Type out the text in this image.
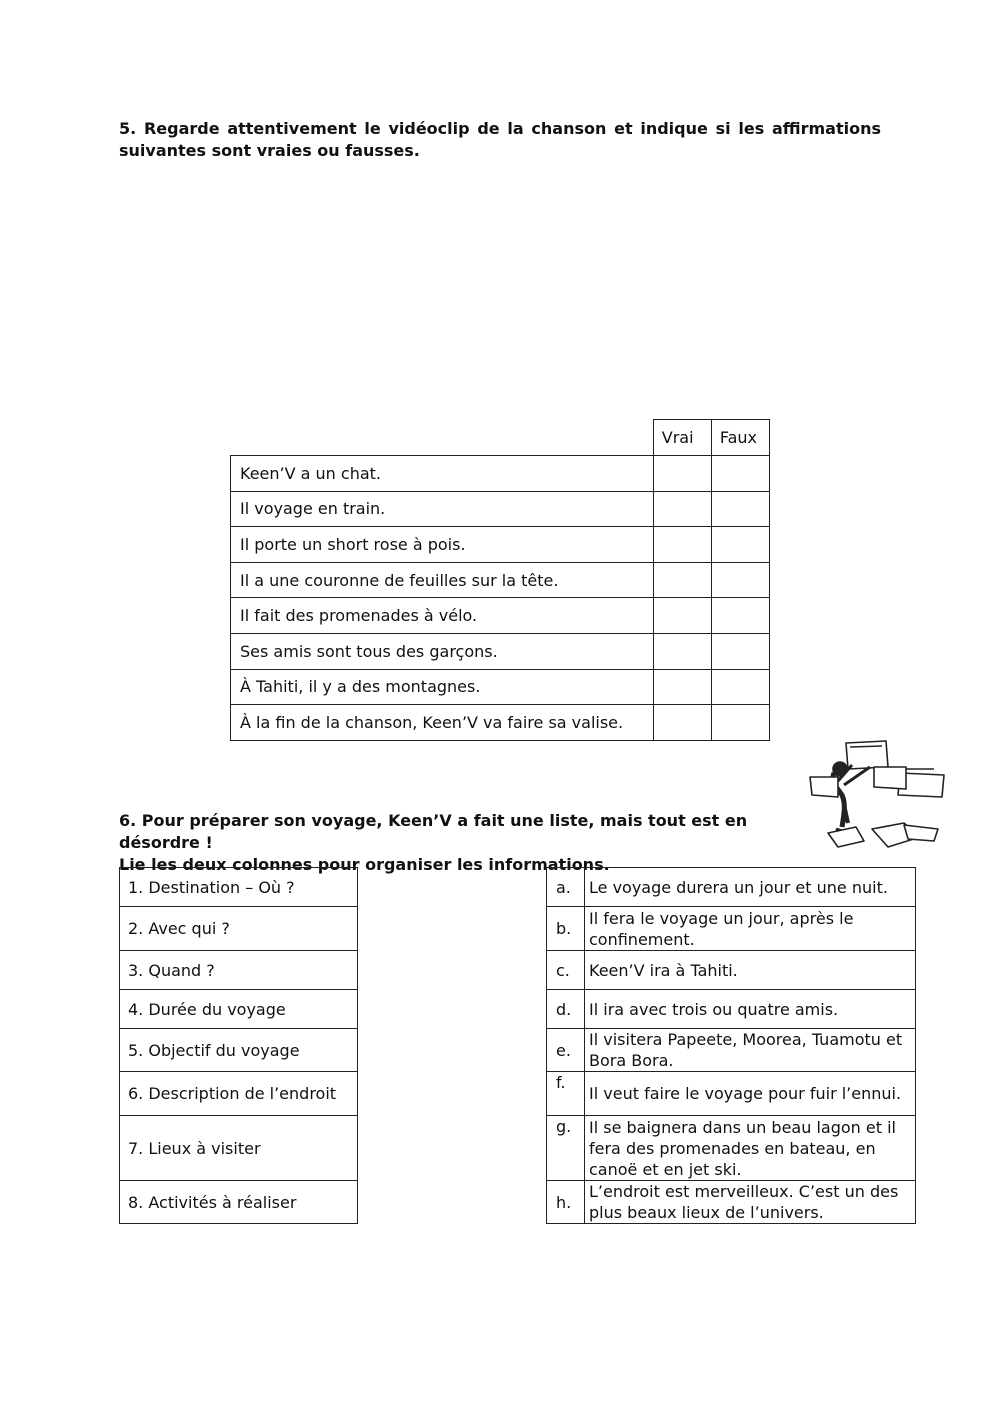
5. Regarde attentivement le vidéoclip de la chanson et indique si les affirmations
suivantes sont vraies ou fausses.
	Vrai	Faux
Keen’V a un chat.		
Il voyage en train.		
Il porte un short rose à pois.		
Il a une couronne de feuilles sur la tête.		
Il fait des promenades à vélo.		
Ses amis sont tous des garçons.		
À Tahiti, il y a des montagnes.		
À la fin de la chanson, Keen’V va faire sa valise.		
6. Pour préparer son voyage, Keen’V a fait une liste, mais tout est en désordre !
Lie les deux colonnes pour organiser les informations.
1. Destination – Où ?
2. Avec qui ?
3. Quand ?
4. Durée du voyage
5. Objectif du voyage
6. Description de l’endroit
7. Lieux à visiter
8. Activités à réaliser
a.	Le voyage durera un jour et une nuit.
b.	Il fera le voyage un jour, après le confinement.
c.	Keen’V ira à Tahiti.
d.	Il ira avec trois ou quatre amis.
e.	Il visitera Papeete, Moorea, Tuamotu et Bora Bora.
f.	Il veut faire le voyage pour fuir l’ennui.
g.	Il se baignera dans un beau lagon et il fera des promenades en bateau, en canoë et en jet ski.
h.	L’endroit est merveilleux. C’est un des plus beaux lieux de l’univers.
